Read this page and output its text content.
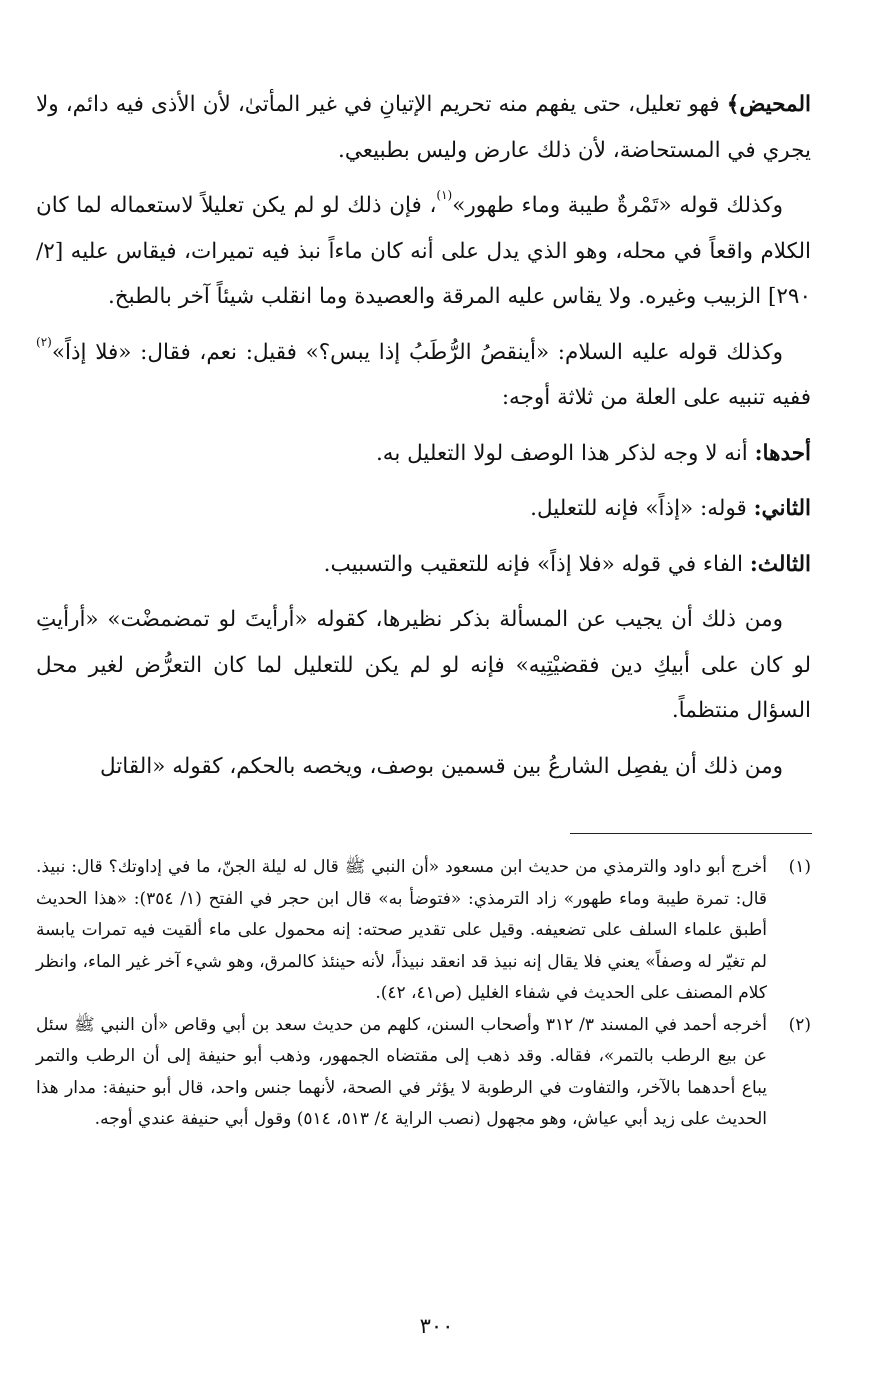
المحيض﴾ فهو تعليل، حتى يفهم منه تحريم الإتيانِ في غير المأتىٰ، لأن الأذى فيه دائم، ولا يجري في المستحاضة، لأن ذلك عارض وليس بطبيعي.

وكذلك قوله «تَمْرةٌ طيبة وماء طهور»$^{(١)}$، فإن ذلك لو لم يكن تعليلاً لاستعماله لما كان الكلام واقعاً في محله، وهو الذي يدل على أنه كان ماءاً نبذ فيه تميرات، فيقاس عليه [٢/ ٢٩٠] الزبيب وغيره. ولا يقاس عليه المرقة والعصيدة وما انقلب شيئاً آخر بالطبخ.

وكذلك قوله عليه السلام: «أينقصُ الرُّطَبُ إذا يبس؟» فقيل: نعم، فقال: «فلا إذاً»$^{(٢)}$ ففيه تنبيه على العلة من ثلاثة أوجه:

أحدها: أنه لا وجه لذكر هذا الوصف لولا التعليل به.

الثاني: قوله: «إذاً» فإنه للتعليل.

الثالث: الفاء في قوله «فلا إذاً» فإنه للتعقيب والتسبيب.

ومن ذلك أن يجيب عن المسألة بذكر نظيرها، كقوله «أرأيتَ لو تمضمضْت» «أرأيتِ لو كان على أبيكِ دين فقضيْتِيه» فإنه لو لم يكن للتعليل لما كان التعرُّض لغير محل السؤال منتظماً.

ومن ذلك أن يفصِل الشارعُ بين قسمين بوصف، ويخصه بالحكم، كقوله «القاتل

(١)
أخرج أبو داود والترمذي من حديث ابن مسعود «أن النبي ﷺ قال له ليلة الجنّ، ما في إداوتك؟ قال: نبيذ. قال: تمرة طيبة وماء طهور» زاد الترمذي: «فتوضأ به» قال ابن حجر في الفتح (١/ ٣٥٤): «هذا الحديث أطبق علماء السلف على تضعيفه. وقيل على تقدير صحته: إنه محمول على ماء ألقيت فيه تمرات يابسة لم تغيّر له وصفاً» يعني فلا يقال إنه نبيذ قد انعقد نبيذاً، لأنه حينئذ كالمرق، وهو شيء آخر غير الماء، وانظر كلام المصنف على الحديث في شفاء الغليل (ص٤١، ٤٢).
(٢)
أخرجه أحمد في المسند ٣/ ٣١٢ وأصحاب السنن، كلهم من حديث سعد بن أبي وقاص «أن النبي ﷺ سئل عن بيع الرطب بالتمر»، فقاله. وقد ذهب إلى مقتضاه الجمهور، وذهب أبو حنيفة إلى أن الرطب والتمر يباع أحدهما بالآخر، والتفاوت في الرطوبة لا يؤثر في الصحة، لأنهما جنس واحد، قال أبو حنيفة: مدار هذا الحديث على زيد أبي عياش، وهو مجهول (نصب الراية ٤/ ٥١٣، ٥١٤) وقول أبي حنيفة عندي أوجه.
٣٠٠
